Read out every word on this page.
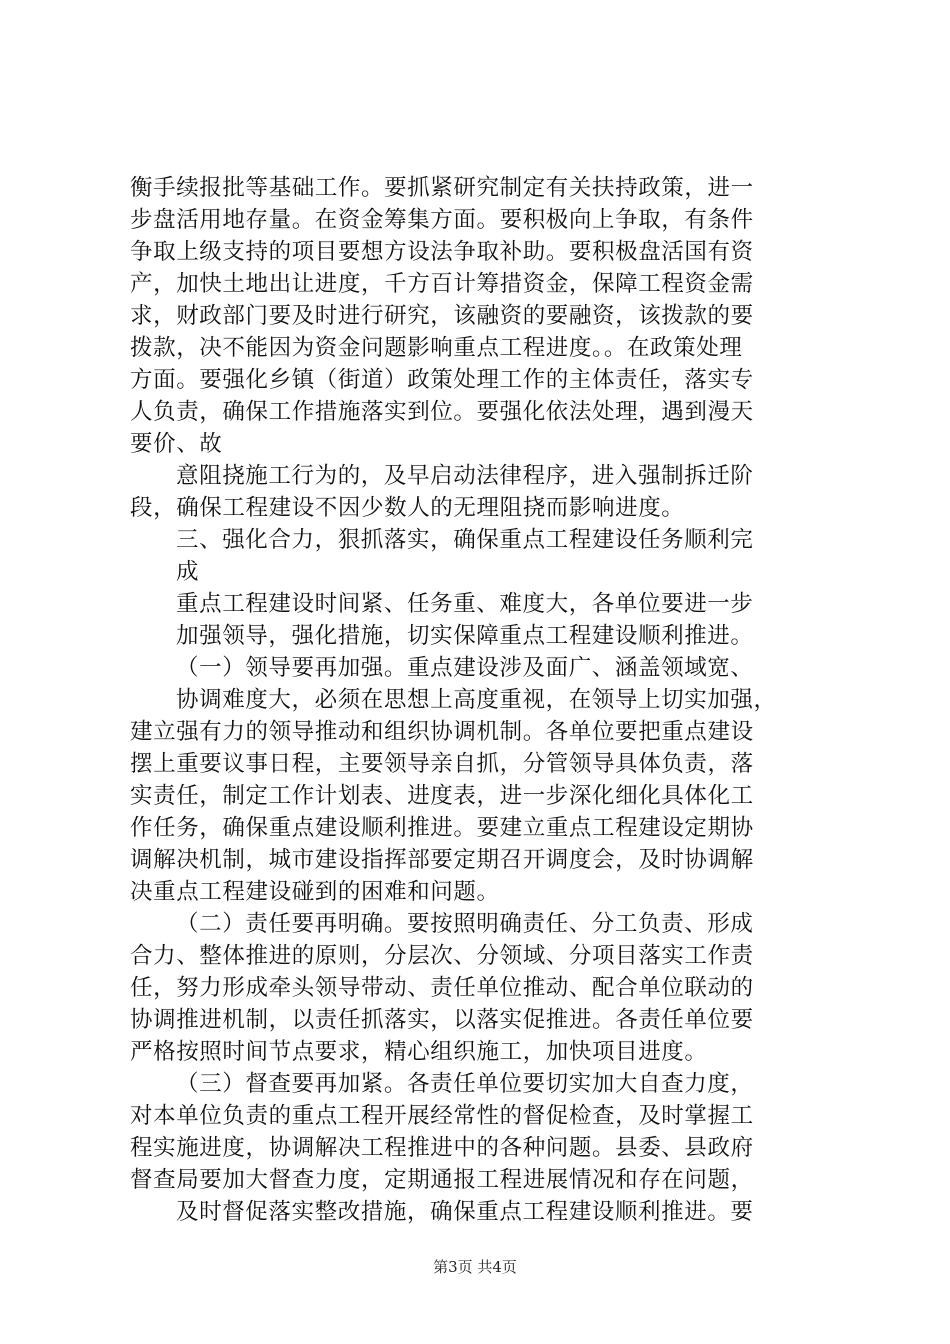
衡手续报批等基础工作。要抓紧研究制定有关扶持政策，进一
步盘活用地存量。在资金筹集方面。要积极向上争取，有条件
争取上级支持的项目要想方设法争取补助。要积极盘活国有资
产，加快土地出让进度，千方百计筹措资金，保障工程资金需
求，财政部门要及时进行研究，该融资的要融资，该拨款的要
拨款，决不能因为资金问题影响重点工程进度。。在政策处理
方面。要强化乡镇（街道）政策处理工作的主体责任，落实专
人负责，确保工作措施落实到位。要强化依法处理，遇到漫天
要价、故
意阻挠施工行为的，及早启动法律程序，进入强制拆迁阶
段，确保工程建设不因少数人的无理阻挠而影响进度。
三、强化合力，狠抓落实，确保重点工程建设任务顺利完
成
重点工程建设时间紧、任务重、难度大，各单位要进一步
加强领导，强化措施，切实保障重点工程建设顺利推进。
（一）领导要再加强。重点建设涉及面广、涵盖领域宽、
协调难度大，必须在思想上高度重视，在领导上切实加强，
建立强有力的领导推动和组织协调机制。各单位要把重点建设
摆上重要议事日程，主要领导亲自抓，分管领导具体负责，落
实责任，制定工作计划表、进度表，进一步深化细化具体化工
作任务，确保重点建设顺利推进。要建立重点工程建设定期协
调解决机制，城市建设指挥部要定期召开调度会，及时协调解
决重点工程建设碰到的困难和问题。
（二）责任要再明确。要按照明确责任、分工负责、形成
合力、整体推进的原则，分层次、分领域、分项目落实工作责
任，努力形成牵头领导带动、责任单位推动、配合单位联动的
协调推进机制，以责任抓落实，以落实促推进。各责任单位要
严格按照时间节点要求，精心组织施工，加快项目进度。
（三）督查要再加紧。各责任单位要切实加大自查力度，
对本单位负责的重点工程开展经常性的督促检查，及时掌握工
程实施进度，协调解决工程推进中的各种问题。县委、县政府
督查局要加大督查力度，定期通报工程进展情况和存在问题，
及时督促落实整改措施，确保重点工程建设顺利推进。要
第3页 共4页
